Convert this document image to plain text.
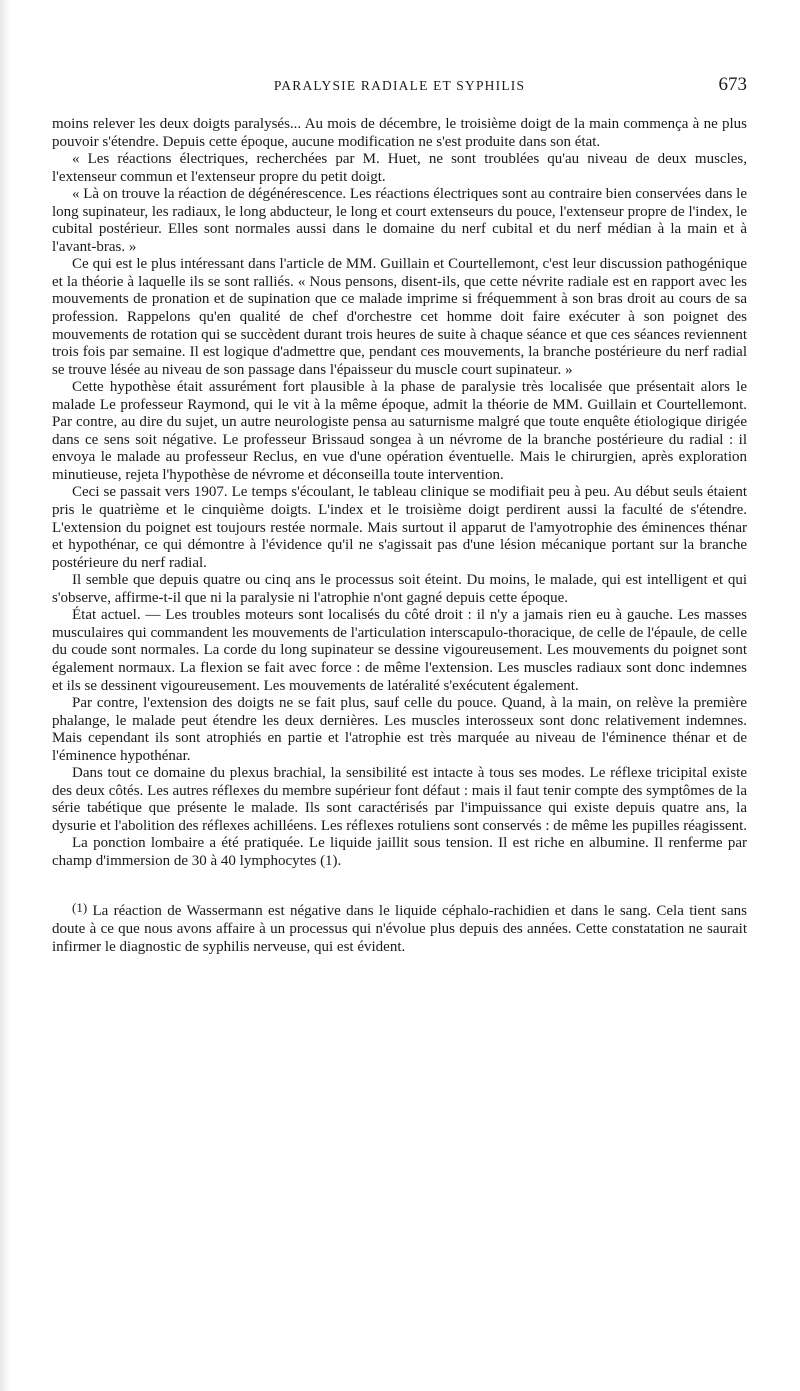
PARALYSIE RADIALE ET SYPHILIS	673

moins relever les deux doigts paralysés... Au mois de décembre, le troisième doigt de la main commença à ne plus pouvoir s'étendre. Depuis cette époque, aucune modification ne s'est produite dans son état.

« Les réactions électriques, recherchées par M. Huet, ne sont troublées qu'au niveau de deux muscles, l'extenseur commun et l'extenseur propre du petit doigt.

« Là on trouve la réaction de dégénérescence. Les réactions électriques sont au contraire bien conservées dans le long supinateur, les radiaux, le long abducteur, le long et court extenseurs du pouce, l'extenseur propre de l'index, le cubital postérieur. Elles sont normales aussi dans le domaine du nerf cubital et du nerf médian à la main et à l'avant-bras. »

Ce qui est le plus intéressant dans l'article de MM. Guillain et Courtellemont, c'est leur discussion pathogénique et la théorie à laquelle ils se sont ralliés. « Nous pensons, disent-ils, que cette névrite radiale est en rapport avec les mouvements de pronation et de supination que ce malade imprime si fréquemment à son bras droit au cours de sa profession. Rappelons qu'en qualité de chef d'orchestre cet homme doit faire exécuter à son poignet des mouvements de rotation qui se succèdent durant trois heures de suite à chaque séance et que ces séances reviennent trois fois par semaine. Il est logique d'admettre que, pendant ces mouvements, la branche postérieure du nerf radial se trouve lésée au niveau de son passage dans l'épaisseur du muscle court supinateur. »

Cette hypothèse était assurément fort plausible à la phase de paralysie très localisée que présentait alors le malade Le professeur Raymond, qui le vit à la même époque, admit la théorie de MM. Guillain et Courtellemont. Par contre, au dire du sujet, un autre neurologiste pensa au saturnisme malgré que toute enquête étiologique dirigée dans ce sens soit négative. Le professeur Brissaud songea à un névrome de la branche postérieure du radial : il envoya le malade au professeur Reclus, en vue d'une opération éventuelle. Mais le chirurgien, après exploration minutieuse, rejeta l'hypothèse de névrome et déconseilla toute intervention.

Ceci se passait vers 1907. Le temps s'écoulant, le tableau clinique se modifiait peu à peu. Au début seuls étaient pris le quatrième et le cinquième doigts. L'index et le troisième doigt perdirent aussi la faculté de s'étendre. L'extension du poignet est toujours restée normale. Mais surtout il apparut de l'amyotrophie des éminences thénar et hypothénar, ce qui démontre à l'évidence qu'il ne s'agissait pas d'une lésion mécanique portant sur la branche postérieure du nerf radial.

Il semble que depuis quatre ou cinq ans le processus soit éteint. Du moins, le malade, qui est intelligent et qui s'observe, affirme-t-il que ni la paralysie ni l'atrophie n'ont gagné depuis cette époque.

État actuel. — Les troubles moteurs sont localisés du côté droit : il n'y a jamais rien eu à gauche. Les masses musculaires qui commandent les mouvements de l'articulation interscapulo-thoracique, de celle de l'épaule, de celle du coude sont normales. La corde du long supinateur se dessine vigoureusement. Les mouvements du poignet sont également normaux. La flexion se fait avec force : de même l'extension. Les muscles radiaux sont donc indemnes et ils se dessinent vigoureusement. Les mouvements de latéralité s'exécutent également.

Par contre, l'extension des doigts ne se fait plus, sauf celle du pouce. Quand, à la main, on relève la première phalange, le malade peut étendre les deux dernières. Les muscles interosseux sont donc relativement indemnes. Mais cependant ils sont atrophiés en partie et l'atrophie est très marquée au niveau de l'éminence thénar et de l'éminence hypothénar.

Dans tout ce domaine du plexus brachial, la sensibilité est intacte à tous ses modes. Le réflexe tricipital existe des deux côtés. Les autres réflexes du membre supérieur font défaut : mais il faut tenir compte des symptômes de la série tabétique que présente le malade. Ils sont caractérisés par l'impuissance qui existe depuis quatre ans, la dysurie et l'abolition des réflexes achilléens. Les réflexes rotuliens sont conservés : de même les pupilles réagissent.

La ponction lombaire a été pratiquée. Le liquide jaillit sous tension. Il est riche en albumine. Il renferme par champ d'immersion de 30 à 40 lymphocytes (1).

(1) La réaction de Wassermann est négative dans le liquide céphalo-rachidien et dans le sang. Cela tient sans doute à ce que nous avons affaire à un processus qui n'évolue plus depuis des années. Cette constatation ne saurait infirmer le diagnostic de syphilis nerveuse, qui est évident.
